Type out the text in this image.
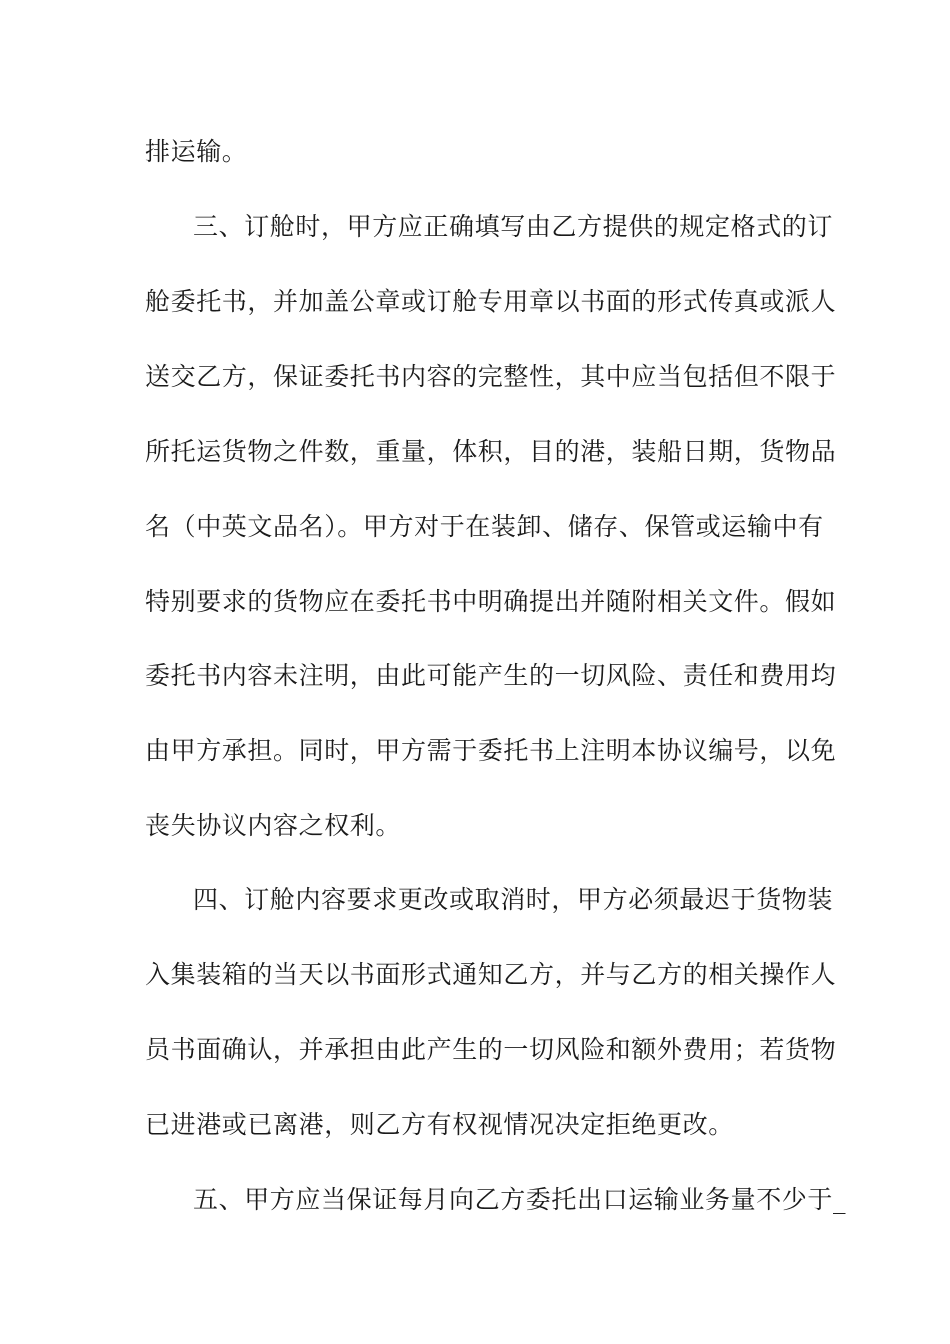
排运输。
三、订舱时，甲方应正确填写由乙方提供的规定格式的订
舱委托书，并加盖公章或订舱专用章以书面的形式传真或派人
送交乙方，保证委托书内容的完整性，其中应当包括但不限于
所托运货物之件数，重量，体积，目的港，装船日期，货物品
名（中英文品名）。甲方对于在装卸、储存、保管或运输中有
特别要求的货物应在委托书中明确提出并随附相关文件。假如
委托书内容未注明，由此可能产生的一切风险、责任和费用均
由甲方承担。同时，甲方需于委托书上注明本协议编号，以免
丧失协议内容之权利。
四、订舱内容要求更改或取消时，甲方必须最迟于货物装
入集装箱的当天以书面形式通知乙方，并与乙方的相关操作人
员书面确认，并承担由此产生的一切风险和额外费用；若货物
已进港或已离港，则乙方有权视情况决定拒绝更改。
五、甲方应当保证每月向乙方委托出口运输业务量不少于_
